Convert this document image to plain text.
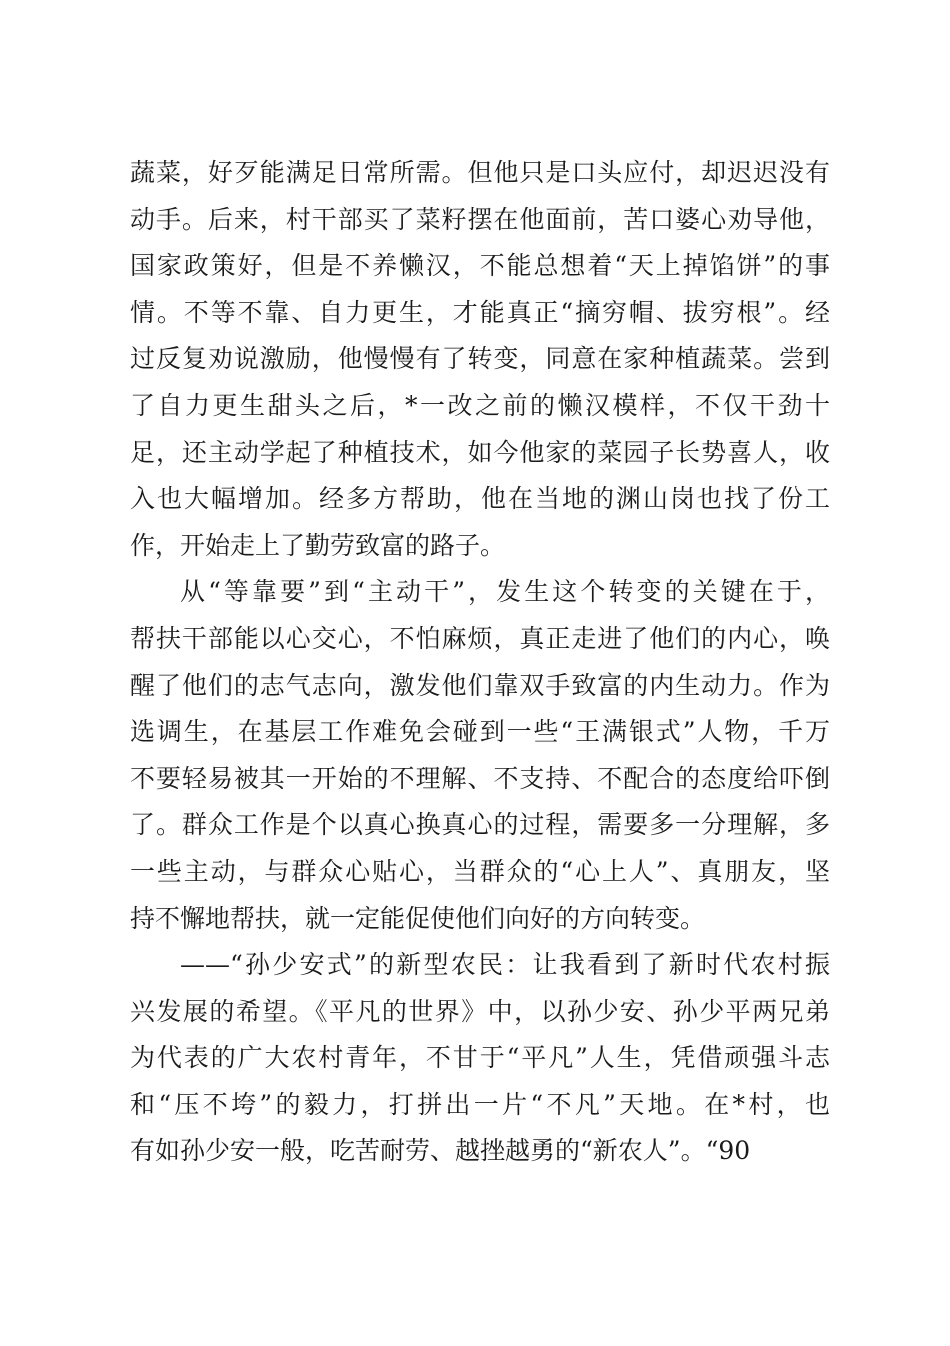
蔬菜，好歹能满足日常所需。但他只是口头应付，却迟迟没有
动手。后来，村干部买了菜籽摆在他面前，苦口婆心劝导他，
国家政策好，但是不养懒汉，不能总想着“天上掉馅饼”的事
情。不等不靠、自力更生，才能真正“摘穷帽、拔穷根”。经
过反复劝说激励，他慢慢有了转变，同意在家种植蔬菜。尝到
了自力更生甜头之后，*一改之前的懒汉模样，不仅干劲十
足，还主动学起了种植技术，如今他家的菜园子长势喜人，收
入也大幅增加。经多方帮助，他在当地的渊山岗也找了份工
作，开始走上了勤劳致富的路子。
从“等靠要”到“主动干”，发生这个转变的关键在于，
帮扶干部能以心交心，不怕麻烦，真正走进了他们的内心，唤
醒了他们的志气志向，激发他们靠双手致富的内生动力。作为
选调生，在基层工作难免会碰到一些“王满银式”人物，千万
不要轻易被其一开始的不理解、不支持、不配合的态度给吓倒
了。群众工作是个以真心换真心的过程，需要多一分理解，多
一些主动，与群众心贴心，当群众的“心上人”、真朋友，坚
持不懈地帮扶，就一定能促使他们向好的方向转变。
——“孙少安式”的新型农民：让我看到了新时代农村振
兴发展的希望。《平凡的世界》中，以孙少安、孙少平两兄弟
为代表的广大农村青年，不甘于“平凡”人生，凭借顽强斗志
和“压不垮”的毅力，打拼出一片“不凡”天地。在*村，也
有如孙少安一般，吃苦耐劳、越挫越勇的“新农人”。“90
